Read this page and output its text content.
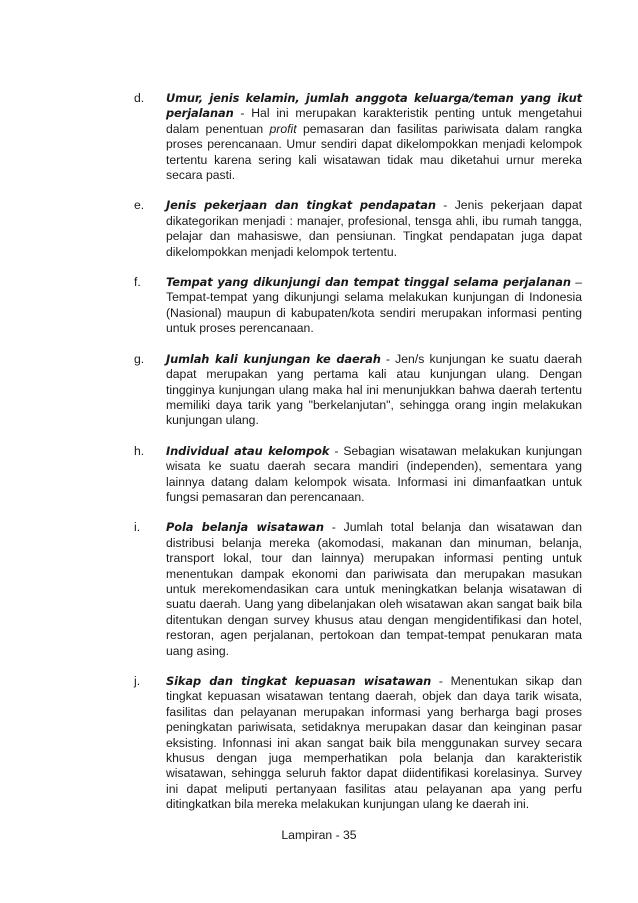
d. Umur, jenis kelamin, jumlah anggota keluarga/teman yang ikut perjalanan - Hal ini merupakan karakteristik penting untuk mengetahui dalam penentuan profit pemasaran dan fasilitas pariwisata dalam rangka proses perencanaan. Umur sendiri dapat dikelompokkan menjadi kelompok tertentu karena sering kali wisatawan tidak mau diketahui urnur mereka secara pasti.
e. Jenis pekerjaan dan tingkat pendapatan - Jenis pekerjaan dapat dikategorikan menjadi : manajer, profesional, tensga ahli, ibu rumah tangga, pelajar dan mahasiswe, dan pensiunan. Tingkat pendapatan juga dapat dikelompokkan menjadi kelompok tertentu.
f. Tempat yang dikunjungi dan tempat tinggal selama perjalanan – Tempat-tempat yang dikunjungi selama melakukan kunjungan di Indonesia (Nasional) maupun di kabupaten/kota sendiri merupakan informasi penting untuk proses perencanaan.
g. Jumlah kali kunjungan ke daerah - Jen/s kunjungan ke suatu daerah dapat merupakan yang pertama kali atau kunjungan ulang. Dengan tingginya kunjungan ulang maka hal ini menunjukkan bahwa daerah tertentu memiliki daya tarik yang "berkelanjutan", sehingga orang ingin melakukan kunjungan ulang.
h. Individual atau kelompok - Sebagian wisatawan melakukan kunjungan wisata ke suatu daerah secara mandiri (independen), sementara yang lainnya datang dalam kelompok wisata. Informasi ini dimanfaatkan untuk fungsi pemasaran dan perencanaan.
i. Pola belanja wisatawan - Jumlah total belanja dan wisatawan dan distribusi belanja mereka (akomodasi, makanan dan minuman, belanja, transport lokal, tour dan lainnya) merupakan informasi penting untuk menentukan dampak ekonomi dan pariwisata dan merupakan masukan untuk merekomendasikan cara untuk meningkatkan belanja wisatawan di suatu daerah. Uang yang dibelanjakan oleh wisatawan akan sangat baik bila ditentukan dengan survey khusus atau dengan mengidentifikasi dan hotel, restoran, agen perjalanan, pertokoan dan tempat-tempat penukaran mata uang asing.
j. Sikap dan tingkat kepuasan wisatawan - Menentukan sikap dan tingkat kepuasan wisatawan tentang daerah, objek dan daya tarik wisata, fasilitas dan pelayanan merupakan informasi yang berharga bagi proses peningkatan pariwisata, setidaknya merupakan dasar dan keinginan pasar eksisting. Infonnasi ini akan sangat baik bila menggunakan survey secara khusus dengan juga memperhatikan pola belanja dan karakteristik wisatawan, sehingga seluruh faktor dapat diidentifikasi korelasinya. Survey ini dapat meliputi pertanyaan fasilitas atau pelayanan apa yang perfu ditingkatkan bila mereka melakukan kunjungan ulang ke daerah ini.
Lampiran - 35
